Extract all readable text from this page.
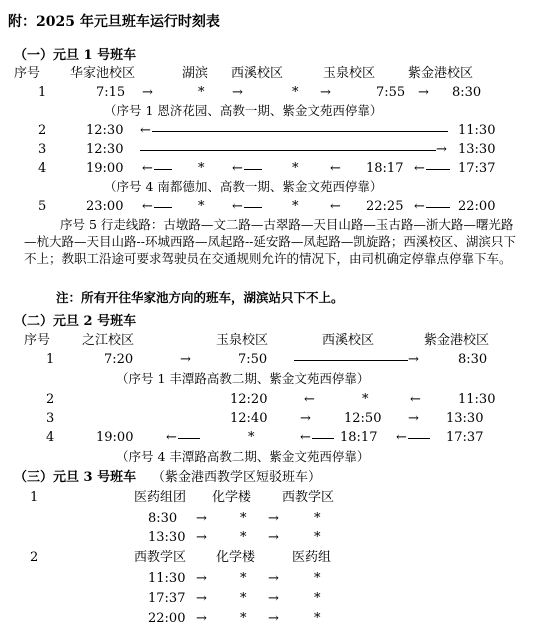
附：2025 年元旦班车运行时刻表
（一）元旦 1 号班车
序号 华家池校区	湖滨 西溪校区	玉泉校区	紫金港校区
1	7:15 →	* →	* →	7:55 → 8:30
（序号 1 恩济花园、高教一期、紫金文苑西停靠）
2	12:30 ←	11:30
3	12:30	→ 13:30
4	19:00 ←	* ←	* ← 18:17 ←	17:37
（序号 4 南都德加、高教一期、紫金文苑西停靠）
5	23:00 ←	* ←	* ← 22:25 ←	22:00
序号 5 行走线路：古墩路—文二路—古翠路—天目山路—玉古路—浙大路—曙光路—杭大路—天目山路--环城西路—凤起路--延安路—凤起路—凯旋路；西溪校区、湖滨只下不上；教职工沿途可要求驾驶员在交通规则允许的情况下，由司机确定停靠点停靠下车。
注：所有开往华家池方向的班车，湖滨站只下不上。
（二）元旦 2 号班车
序号 之江校区	玉泉校区	西溪校区	紫金港校区
1	7:20	→	7:50	→	8:30
（序号 1 丰潭路高教二期、紫金文苑西停靠）
2	12:20	←	*	←	11:30
3	12:40	→	12:50 → 13:30
4	19:00	←	*	← 18:17 ←	17:37
（序号 4 丰潭路高教二期、紫金文苑西停靠）
（三）元旦 3 号班车 （紫金港西教学区短驳班车）
1	医药组团 化学楼 西教学区
8:30 →	* →	*
13:30 →	* →	*
2	西教学区 化学楼	医药组
11:30 →	* →	*
17:37 →	* →	*
22:00 →	* →	*
